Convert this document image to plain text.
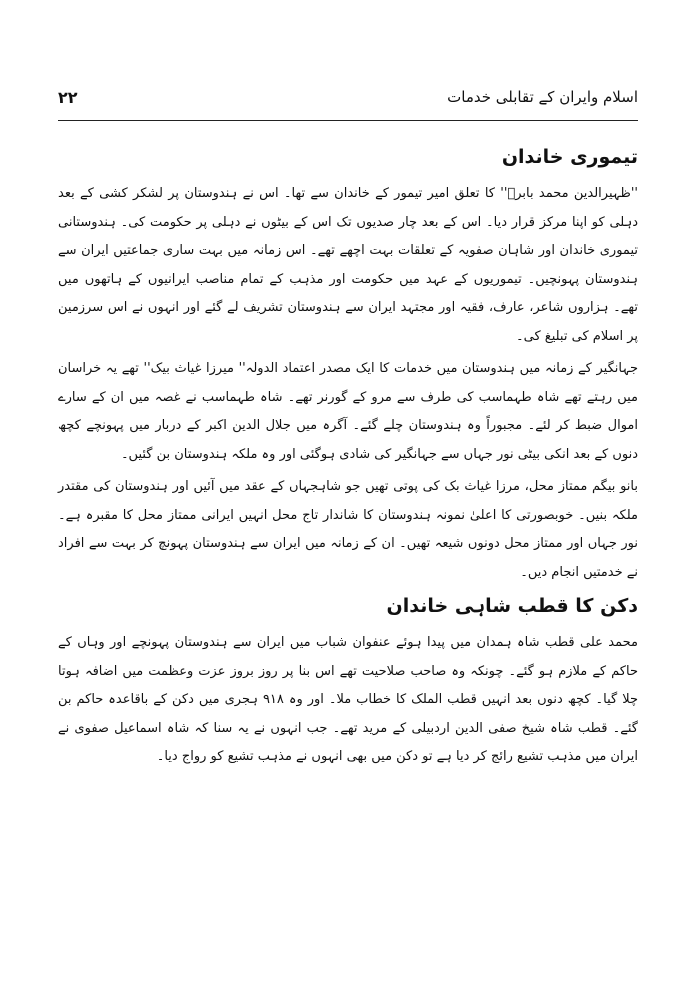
اسلام وایران کے تقابلی خدمات
۲۲
تیموری خاندان

''ظہیرالدین محمد بابرؔ'' کا تعلق امیر تیمور کے خاندان سے تھا۔ اس نے ہندوستان پر لشکر کشی کے بعد دہلی کو اپنا مرکز قرار دیا۔ اس کے بعد چار صدیوں تک اس کے بیٹوں نے دہلی پر حکومت کی۔ ہندوستانی تیموری خاندان اور شاہان صفویہ کے تعلقات بہت اچھے تھے۔ اس زمانہ میں بہت ساری جماعتیں ایران سے ہندوستان پہونچیں۔ تیموریوں کے عہد میں حکومت اور مذہب کے تمام مناصب ایرانیوں کے ہاتھوں میں تھے۔ ہزاروں شاعر، عارف، فقیہ اور مجتہد ایران سے ہندوستان تشریف لے گئے اور انہوں نے اس سرزمین پر اسلام کی تبلیغ کی۔

جہانگیر کے زمانہ میں ہندوستان میں خدمات کا ایک مصدر اعتماد الدولہ'' میرزا غیاث بیک'' تھے یہ خراسان میں رہتے تھے شاہ طہماسب کی طرف سے مرو کے گورنر تھے۔ شاہ طہماسب نے غصہ میں ان کے سارے اموال ضبط کر لئے۔ مجبوراً وہ ہندوستان چلے گئے۔ آگرہ میں جلال الدین اکبر کے دربار میں پہونچے کچھ دنوں کے بعد انکی بیٹی نور جہاں سے جہانگیر کی شادی ہوگئی اور وہ ملکہ ہندوستان بن گئیں۔

بانو بیگم ممتاز محل، مرزا غیاث بک کی پوتی تھیں جو شاہجہاں کے عقد میں آئیں اور ہندوستان کی مقتدر ملکہ بنیں۔ خوبصورتی کا اعلیٰ نمونہ ہندوستان کا شاندار تاج محل انہیں ایرانی ممتاز محل کا مقبرہ ہے۔ نور جہاں اور ممتاز محل دونوں شیعہ تھیں۔ ان کے زمانہ میں ایران سے ہندوستان پہونچ کر بہت سے افراد نے خدمتیں انجام دیں۔

دکن کا قطب شاہی خاندان

محمد علی قطب شاہ ہمدان میں پیدا ہوئے عنفوان شباب میں ایران سے ہندوستان پہونچے اور وہاں کے حاکم کے ملازم ہو گئے۔ چونکہ وہ صاحب صلاحیت تھے اس بنا پر روز بروز عزت وعظمت میں اضافہ ہوتا چلا گیا۔ کچھ دنوں بعد انہیں قطب الملک کا خطاب ملا۔ اور وہ ۹۱۸ ہجری میں دکن کے باقاعدہ حاکم بن گئے۔ قطب شاہ شیخ صفی الدین اردبیلی کے مرید تھے۔ جب انہوں نے یہ سنا کہ شاہ اسماعیل صفوی نے ایران میں مذہب تشیع رائج کر دیا ہے تو دکن میں بھی انہوں نے مذہب تشیع کو رواج دیا۔
